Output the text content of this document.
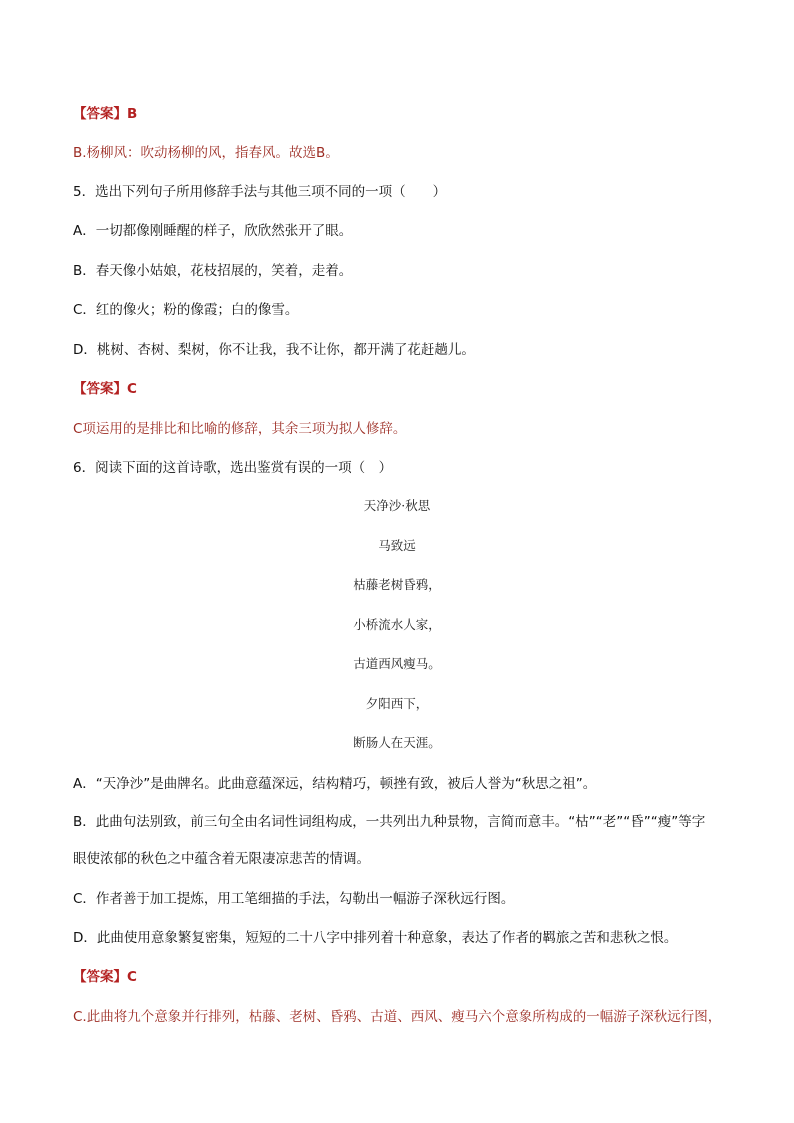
【答案】B
B.杨柳风：吹动杨柳的风，指春风。故选B。
5．选出下列句子所用修辞手法与其他三项不同的一项（　　）
A．一切都像刚睡醒的样子，欣欣然张开了眼。
B．春天像小姑娘，花枝招展的，笑着，走着。
C．红的像火；粉的像霞；白的像雪。
D．桃树、杏树、梨树，你不让我，我不让你，都开满了花赶趟儿。
【答案】C
C项运用的是排比和比喻的修辞，其余三项为拟人修辞。
6．阅读下面的这首诗歌，选出鉴赏有误的一项（　）
天净沙·秋思
马致远
枯藤老树昏鸦，
小桥流水人家，
古道西风瘦马。
夕阳西下，
断肠人在天涯。
A．“天净沙”是曲牌名。此曲意蕴深远，结构精巧，顿挫有致，被后人誉为“秋思之祖”。
B．此曲句法别致，前三句全由名词性词组构成，一共列出九种景物，言简而意丰。“枯”“老”“昏”“瘦”等字
眼使浓郁的秋色之中蕴含着无限凄凉悲苦的情调。
C．作者善于加工提炼，用工笔细描的手法，勾勒出一幅游子深秋远行图。
D．此曲使用意象繁复密集，短短的二十八字中排列着十种意象，表达了作者的羁旅之苦和悲秋之恨。
【答案】C
C.此曲将九个意象并行排列，枯藤、老树、昏鸦、古道、西风、瘦马六个意象所构成的一幅游子深秋远行图，
